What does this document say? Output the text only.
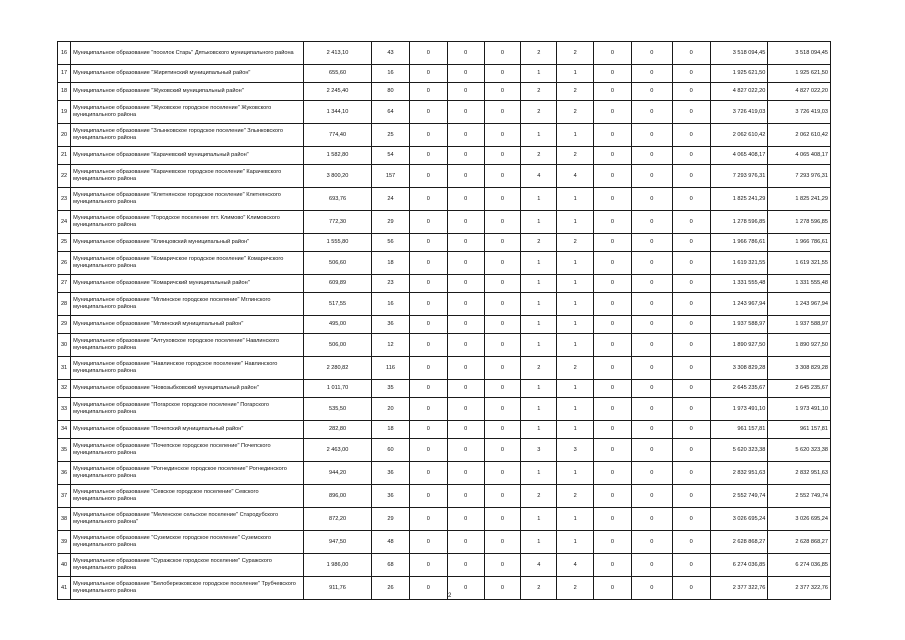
16	Муниципальное образование "поселок Старь" Дятьковского муниципального района	2 413,10	43	0	0	0	2	2	0	0	0	3 518 094,45	3 518 094,45
17	Муниципальное образование "Жирятинский муниципальный район"	655,60	16	0	0	0	1	1	0	0	0	1 925 621,50	1 925 621,50
18	Муниципальное образование "Жуковский муниципальный район"	2 245,40	80	0	0	0	2	2	0	0	0	4 827 022,20	4 827 022,20
19	Муниципальное образование "Жуковское городское поселение" Жуковского муниципального района	1 344,10	64	0	0	0	2	2	0	0	0	3 726 419,03	3 726 419,03
20	Муниципальное образование "Злынковское городское поселение" Злынковского муниципального района	774,40	25	0	0	0	1	1	0	0	0	2 062 610,42	2 062 610,42
21	Муниципальное образование "Карачевский муниципальный район"	1 582,80	54	0	0	0	2	2	0	0	0	4 065 408,17	4 065 408,17
22	Муниципальное образование "Карачевское городское поселение" Карачевского муниципального района	3 800,20	157	0	0	0	4	4	0	0	0	7 293 976,31	7 293 976,31
23	Муниципальное образование "Клетнянское городское поселение" Клетнянского муниципального района	693,76	24	0	0	0	1	1	0	0	0	1 825 241,29	1 825 241,29
24	Муниципальное образование "Городское поселение пгт. Климово" Климовского муниципального района	772,30	29	0	0	0	1	1	0	0	0	1 278 596,85	1 278 596,85
25	Муниципальное образование "Клинцовский муниципальный район"	1 555,80	56	0	0	0	2	2	0	0	0	1 966 786,61	1 966 786,61
26	Муниципальное образование "Комаричское городское поселение" Комаричского муниципального района	506,60	18	0	0	0	1	1	0	0	0	1 619 321,55	1 619 321,55
27	Муниципальное образование "Комаричский муниципальный район"	609,89	23	0	0	0	1	1	0	0	0	1 331 555,48	1 331 555,48
28	Муниципальное образование "Мглинское городское поселение" Мглинского муниципального района	517,55	16	0	0	0	1	1	0	0	0	1 243 967,94	1 243 967,94
29	Муниципальное образование "Мглинский муниципальный район"	495,00	36	0	0	0	1	1	0	0	0	1 937 588,97	1 937 588,97
30	Муниципальное образование "Алтуховское городское поселение" Навлинского муниципального района	506,00	12	0	0	0	1	1	0	0	0	1 890 927,50	1 890 927,50
31	Муниципальное образование "Навлинское городское поселение" Навлинского муниципального района	2 280,82	116	0	0	0	2	2	0	0	0	3 308 829,28	3 308 829,28
32	Муниципальное образование "Новозыбковский муниципальный район"	1 011,70	35	0	0	0	1	1	0	0	0	2 645 235,67	2 645 235,67
33	Муниципальное образование "Погарское городское поселение" Погарского муниципального района	535,50	20	0	0	0	1	1	0	0	0	1 973 491,10	1 973 491,10
34	Муниципальное образование "Почепский муниципальный район"	282,80	18	0	0	0	1	1	0	0	0	961 157,81	961 157,81
35	Муниципальное образование "Почепское городское поселение" Почепского муниципального района	2 463,00	60	0	0	0	3	3	0	0	0	5 620 323,38	5 620 323,38
36	Муниципальное образование "Рогнединское городское поселение" Рогнединского муниципального района	944,20	36	0	0	0	1	1	0	0	0	2 832 951,63	2 832 951,63
37	Муниципальное образование "Севское городское поселение" Севского муниципального района	896,00	36	0	0	0	2	2	0	0	0	2 552 749,74	2 552 749,74
38	Муниципальное образование "Меленское сельское поселение" Стародубского муниципального района"	872,20	29	0	0	0	1	1	0	0	0	3 026 695,24	3 026 695,24
39	Муниципальное образование "Суземское городское поселение" Суземского муниципального района	947,50	48	0	0	0	1	1	0	0	0	2 628 868,27	2 628 868,27
40	Муниципальное образование "Суражское городское поселение" Суражского муниципального района	1 986,00	68	0	0	0	4	4	0	0	0	6 274 036,85	6 274 036,85
41	Муниципальное образование "Белоберезковское городское поселение" Трубчевского муниципального района	911,76	26	0	0	0	2	2	0	0	0	2 377 322,76	2 377 322,76
2
